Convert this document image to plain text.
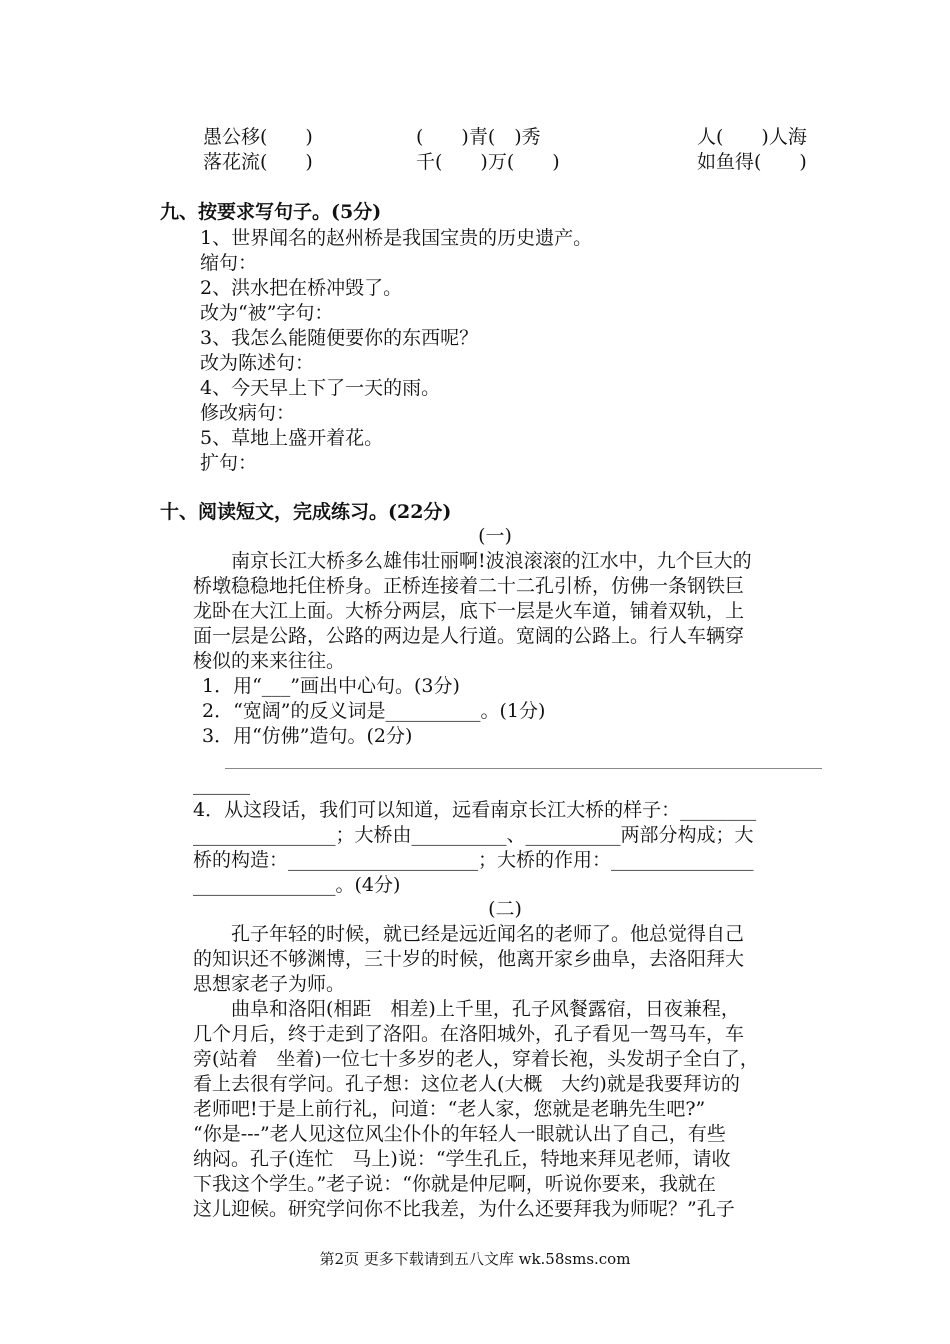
愚公移(　　)	(　　)青(　)秀	人(　　)人海
落花流(　　)	千(　　)万(　　)	如鱼得(　　)
九、按要求写句子。(5分)
1、世界闻名的赵州桥是我国宝贵的历史遗产。
缩句：
2、洪水把在桥冲毁了。
改为“被”字句：
3、我怎么能随便要你的东西呢？
改为陈述句：
4、今天早上下了一天的雨。
修改病句：
5、草地上盛开着花。
扩句：
十、阅读短文，完成练习。(22分)
(一)
　　南京长江大桥多么雄伟壮丽啊!波浪滚滚的江水中，九个巨大的
桥墩稳稳地托住桥身。正桥连接着二十二孔引桥，仿佛一条钢铁巨
龙卧在大江上面。大桥分两层，底下一层是火车道，铺着双轨，上
面一层是公路，公路的两边是人行道。宽阔的公路上。行人车辆穿
梭似的来来往往。
1．用“___”画出中心句。(3分)
2．“宽阔”的反义词是__________。(1分)
3．用“仿佛”造句。(2分)
______
4．从这段话，我们可以知道，远看南京长江大桥的样子：________
_______________；大桥由__________、__________两部分构成；大
桥的构造：____________________；大桥的作用：_______________
_______________。(4分)
(二)
　　孔子年轻的时候，就已经是远近闻名的老师了。他总觉得自己
的知识还不够渊博，三十岁的时候，他离开家乡曲阜，去洛阳拜大
思想家老子为师。
　　曲阜和洛阳(相距　相差)上千里，孔子风餐露宿，日夜兼程，
几个月后，终于走到了洛阳。在洛阳城外，孔子看见一驾马车，车
旁(站着　坐着)一位七十多岁的老人，穿着长袍，头发胡子全白了，
看上去很有学问。孔子想：这位老人(大概　大约)就是我要拜访的
老师吧!于是上前行礼，问道：“老人家，您就是老聃先生吧?”
“你是---”老人见这位风尘仆仆的年轻人一眼就认出了自己，有些
纳闷。孔子(连忙　马上)说：“学生孔丘，特地来拜见老师，请收
下我这个学生。”老子说：“你就是仲尼啊，听说你要来，我就在
这儿迎候。研究学问你不比我差，为什么还要拜我为师呢？”孔子
第2页 更多下载请到五八文库 wk.58sms.com
